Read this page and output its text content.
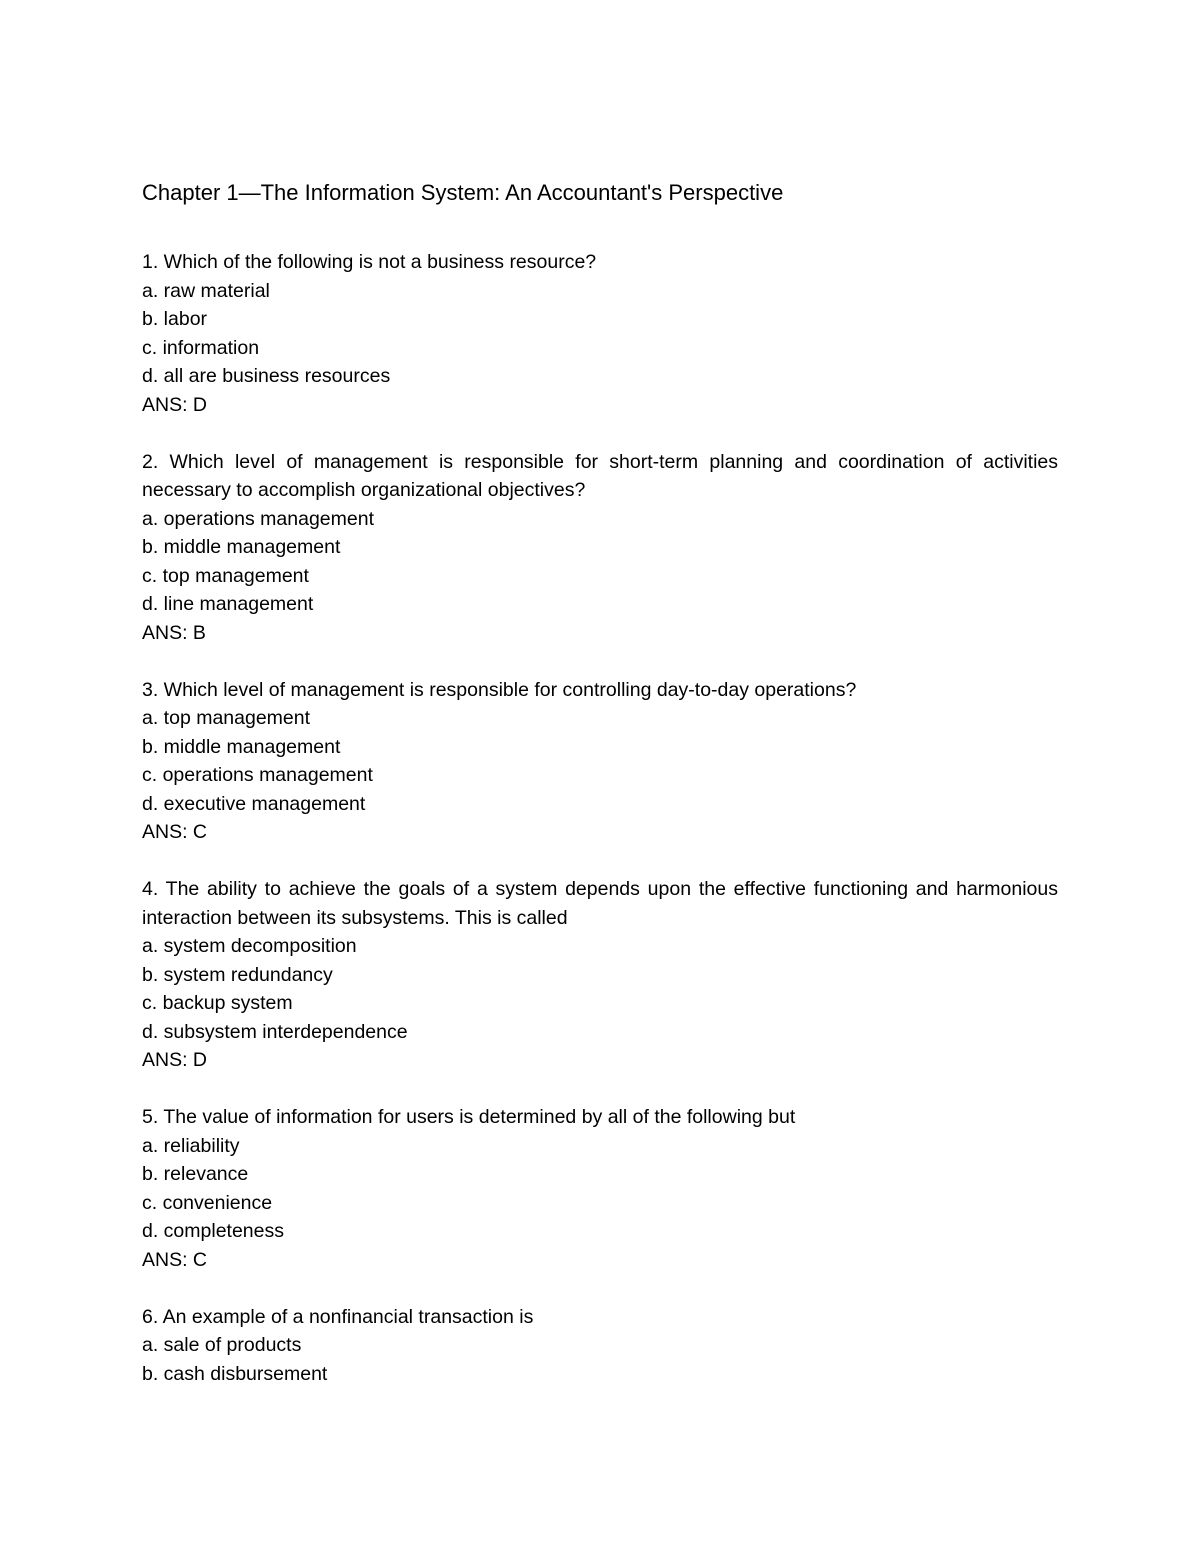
Chapter 1—The Information System: An Accountant's Perspective
1. Which of the following is not a business resource?
a. raw material
b. labor
c. information
d. all are business resources
ANS: D
2. Which level of management is responsible for short-term planning and coordination of activities necessary to accomplish organizational objectives?
a. operations management
b. middle management
c. top management
d. line management
ANS: B
3. Which level of management is responsible for controlling day-to-day operations?
a. top management
b. middle management
c. operations management
d. executive management
ANS: C
4. The ability to achieve the goals of a system depends upon the effective functioning and harmonious interaction between its subsystems. This is called
a. system decomposition
b. system redundancy
c. backup system
d. subsystem interdependence
ANS: D
5. The value of information for users is determined by all of the following but
a. reliability
b. relevance
c. convenience
d. completeness
ANS: C
6. An example of a nonfinancial transaction is
a. sale of products
b. cash disbursement
